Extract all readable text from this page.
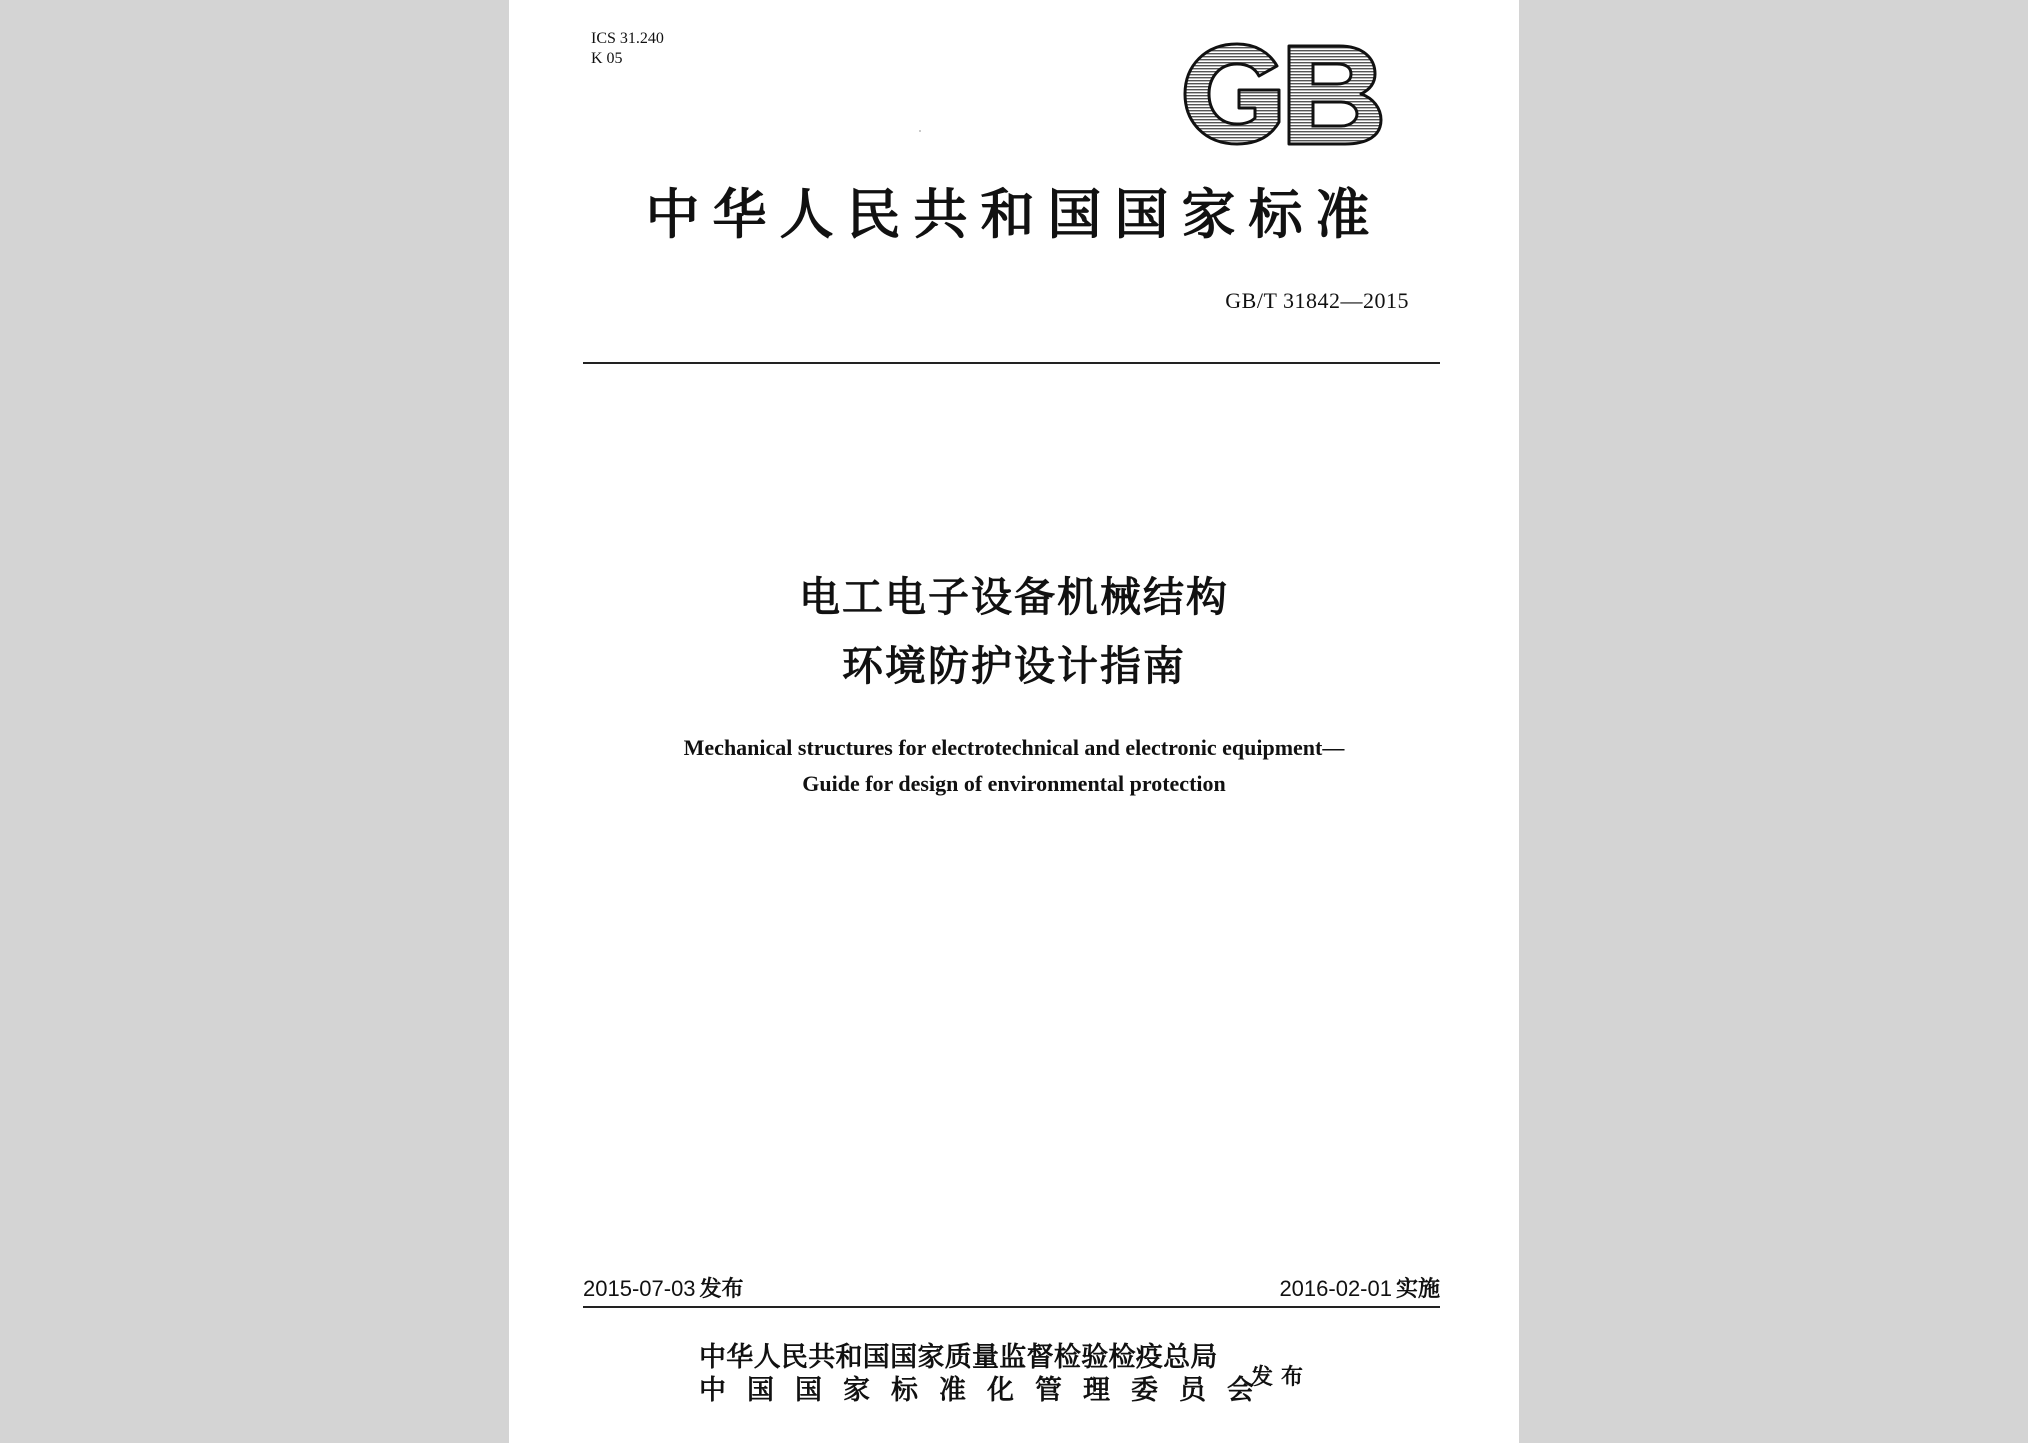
ICS 31.240
K 05
中华人民共和国国家标准
GB/T 31842—2015
电工电子设备机械结构
环境防护设计指南
Mechanical structures for electrotechnical and electronic equipment—
Guide for design of environmental protection
2015-07-03 发布	2016-02-01 实施
中华人民共和国国家质量监督检验检疫总局
中国国家标准化管理委员会
发布
